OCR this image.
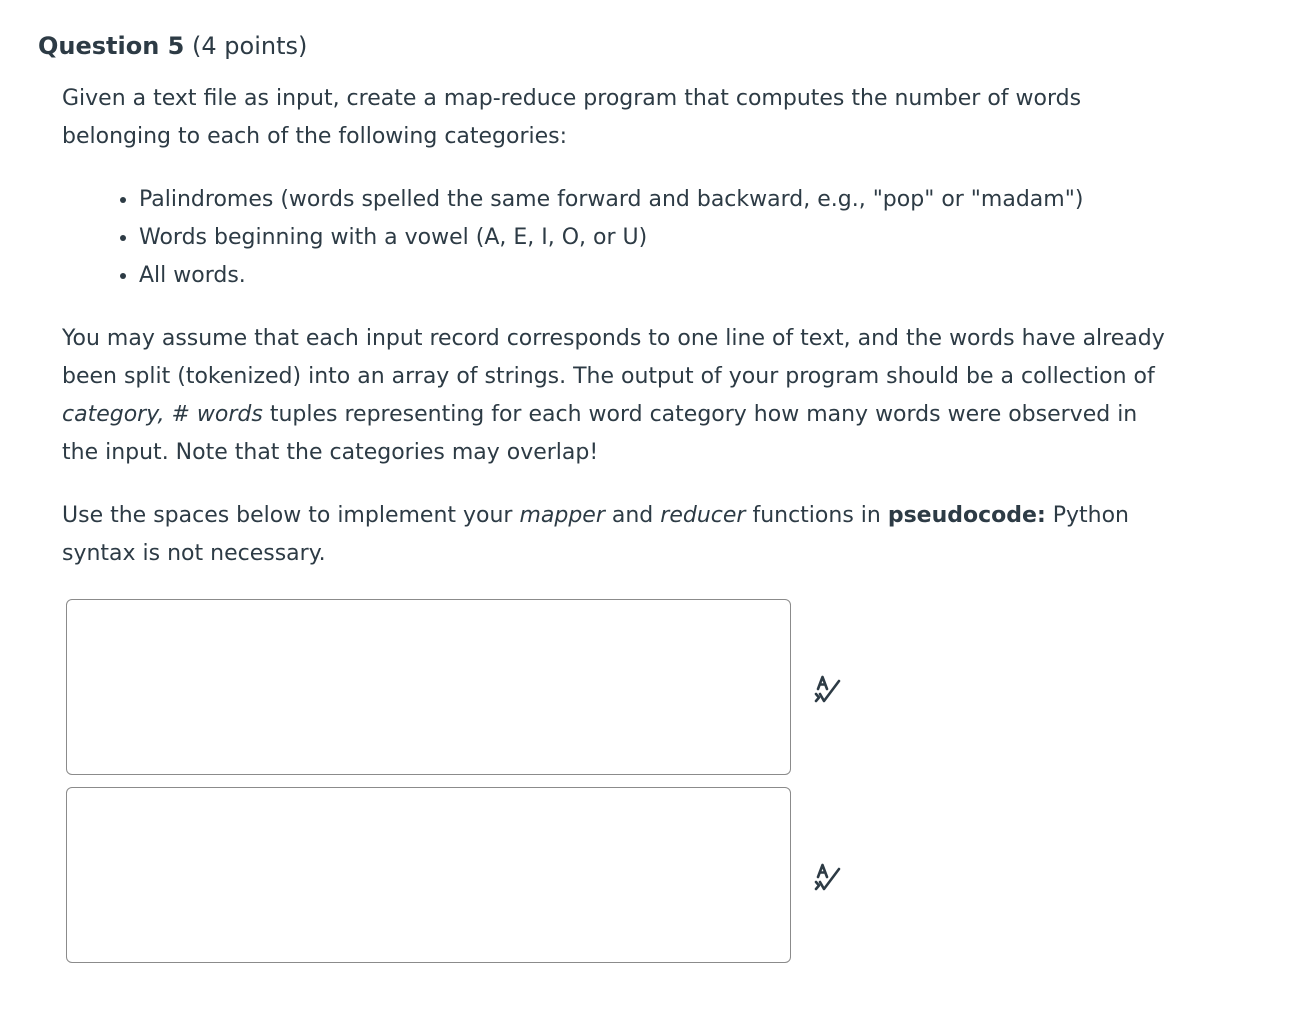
Question 5 (4 points)

Given a text file as input, create a map-reduce program that computes the number of words belonging to each of the following categories:

• Palindromes (words spelled the same forward and backward, e.g., "pop" or "madam")
• Words beginning with a vowel (A, E, I, O, or U)
• All words.

You may assume that each input record corresponds to one line of text, and the words have already been split (tokenized) into an array of strings. The output of your program should be a collection of category, # words tuples representing for each word category how many words were observed in the input. Note that the categories may overlap!

Use the spaces below to implement your mapper and reducer functions in pseudocode: Python syntax is not necessary.
